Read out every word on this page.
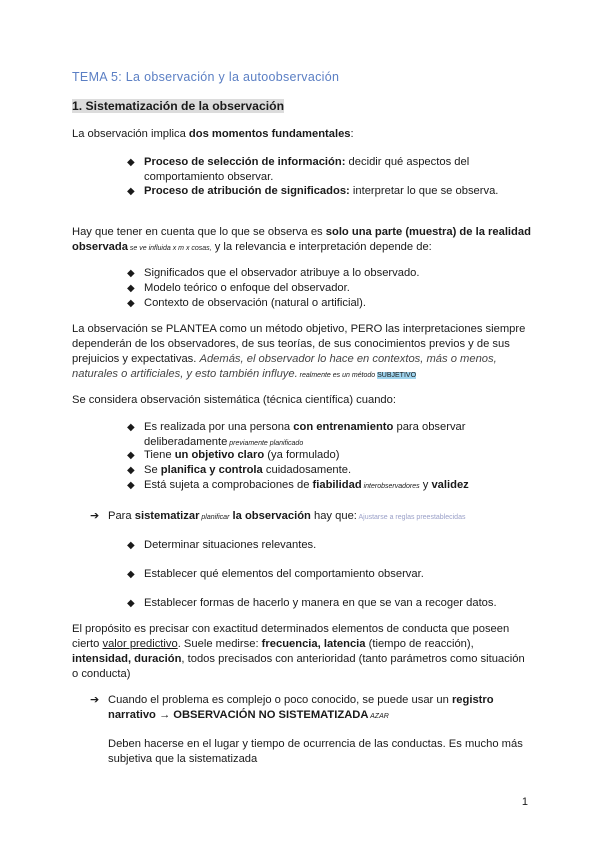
TEMA 5: La observación y la autoobservación
1. Sistematización de la observación
La observación implica dos momentos fundamentales:
◆ Proceso de selección de información: decidir qué aspectos del
comportamiento observar.
◆ Proceso de atribución de significados: interpretar lo que se observa.
Hay que tener en cuenta que lo que se observa es solo una parte (muestra) de la realidad
observada se ve influida x m x cosas, y la relevancia e interpretación depende de:
◆ Significados que el observador atribuye a lo observado.
◆ Modelo teórico o enfoque del observador.
◆ Contexto de observación (natural o artificial).
La observación se PLANTEA como un método objetivo, PERO las interpretaciones siempre
dependerán de los observadores, de sus teorías, de sus conocimientos previos y de sus
prejuicios y expectativas. Además, el observador lo hace en contextos, más o menos,
naturales o artificiales, y esto también influye. realmente es un método SUBJETIVO
Se considera observación sistemática (técnica científica) cuando:
◆ Es realizada por una persona con entrenamiento para observar
deliberadamente previamente planificado
◆ Tiene un objetivo claro (ya formulado)
◆ Se planifica y controla cuidadosamente.
◆ Está sujeta a comprobaciones de fiabilidad interobservadores y validez
➔ Para sistematizar planificar la observación hay que: Ajustarse a reglas preestablecidas
◆ Determinar situaciones relevantes.
◆ Establecer qué elementos del comportamiento observar.
◆ Establecer formas de hacerlo y manera en que se van a recoger datos.
El propósito es precisar con exactitud determinados elementos de conducta que poseen
cierto valor predictivo. Suele medirse: frecuencia, latencia (tiempo de reacción),
intensidad, duración, todos precisados con anterioridad (tanto parámetros como situación
o conducta)
➔ Cuando el problema es complejo o poco conocido, se puede usar un registro
narrativo → OBSERVACIÓN NO SISTEMATIZADA AZAR
Deben hacerse en el lugar y tiempo de ocurrencia de las conductas. Es mucho más
subjetiva que la sistematizada
1
